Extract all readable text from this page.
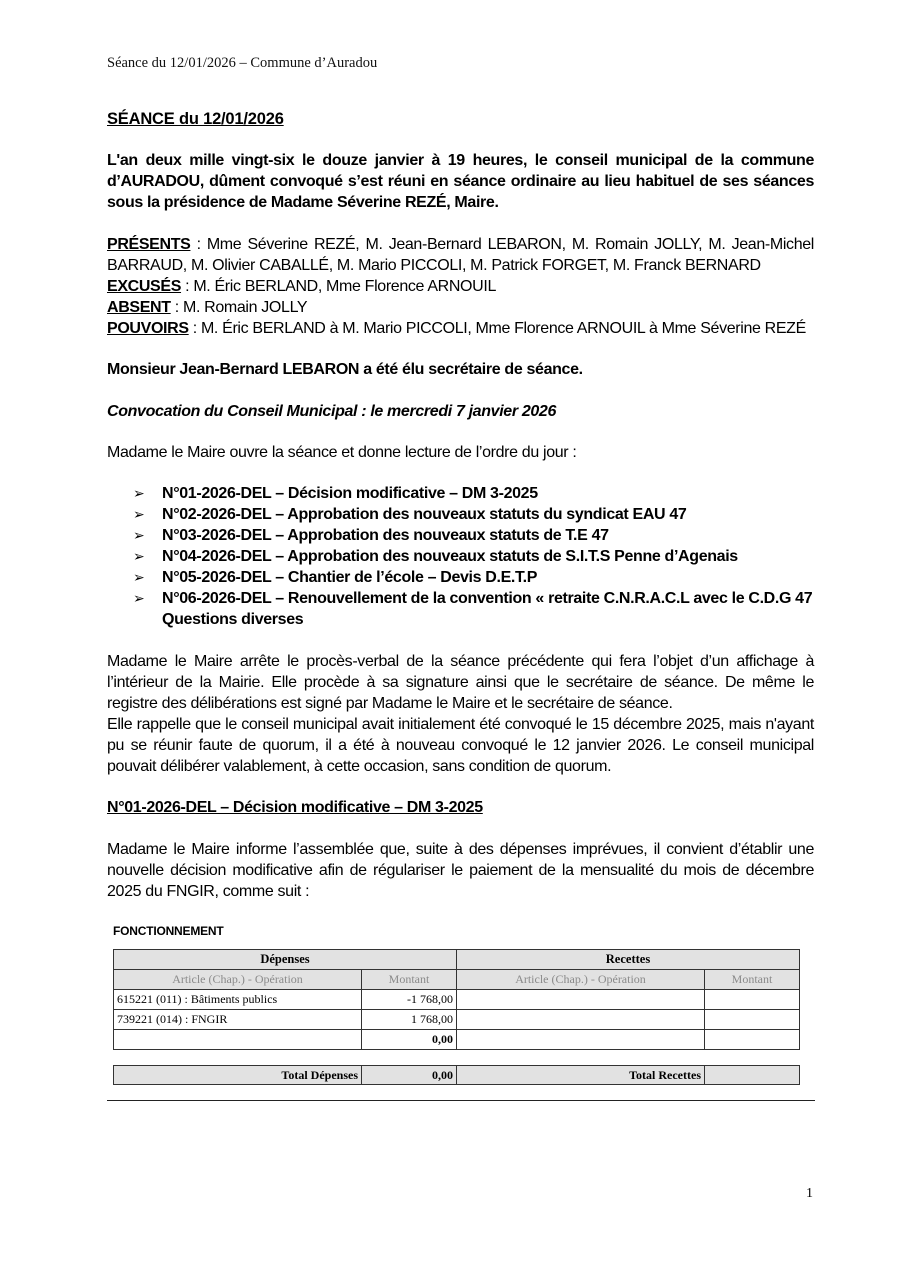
Séance du 12/01/2026 – Commune d’Auradou
SÉANCE du 12/01/2026
L'an deux mille vingt-six le douze janvier à 19 heures, le conseil municipal de la commune d’AURADOU, dûment convoqué s’est réuni en séance ordinaire au lieu habituel de ses séances sous la présidence de Madame Séverine REZÉ, Maire.
PRÉSENTS : Mme Séverine REZÉ, M. Jean-Bernard LEBARON, M. Romain JOLLY, M. Jean-Michel BARRAUD, M. Olivier CABALLÉ, M. Mario PICCOLI, M. Patrick FORGET, M. Franck BERNARD
EXCUSÉS : M. Éric BERLAND, Mme Florence ARNOUIL
ABSENT : M. Romain JOLLY
POUVOIRS : M. Éric BERLAND à M. Mario PICCOLI, Mme Florence ARNOUIL à Mme Séverine REZÉ
Monsieur Jean-Bernard LEBARON a été élu secrétaire de séance.
Convocation du Conseil Municipal : le mercredi 7 janvier 2026
Madame le Maire ouvre la séance et donne lecture de l’ordre du jour :
➢ N°01-2026-DEL – Décision modificative – DM 3-2025
➢ N°02-2026-DEL – Approbation des nouveaux statuts du syndicat EAU 47
➢ N°03-2026-DEL – Approbation des nouveaux statuts de T.E 47
➢ N°04-2026-DEL – Approbation des nouveaux statuts de S.I.T.S Penne d’Agenais
➢ N°05-2026-DEL – Chantier de l’école – Devis D.E.T.P
➢ N°06-2026-DEL – Renouvellement de la convention « retraite C.N.R.A.C.L avec le C.D.G 47
Questions diverses
Madame le Maire arrête le procès-verbal de la séance précédente qui fera l’objet d’un affichage à l’intérieur de la Mairie. Elle procède à sa signature ainsi que le secrétaire de séance. De même le registre des délibérations est signé par Madame le Maire et le secrétaire de séance.
Elle rappelle que le conseil municipal avait initialement été convoqué le 15 décembre 2025, mais n'ayant pu se réunir faute de quorum, il a été à nouveau convoqué le 12 janvier 2026. Le conseil municipal pouvait délibérer valablement, à cette occasion, sans condition de quorum.
N°01-2026-DEL – Décision modificative – DM 3-2025
Madame le Maire informe l’assemblée que, suite à des dépenses imprévues, il convient d’établir une nouvelle décision modificative afin de régulariser le paiement de la mensualité du mois de décembre 2025 du FNGIR, comme suit :
FONCTIONNEMENT
Dépenses		Recettes	
Article (Chap.) - Opération	Montant	Article (Chap.) - Opération	Montant
615221 (011) : Bâtiments publics	-1 768,00		
739221 (014) : FNGIR	1 768,00		
	0,00		
Total Dépenses	0,00	Total Recettes	
1
